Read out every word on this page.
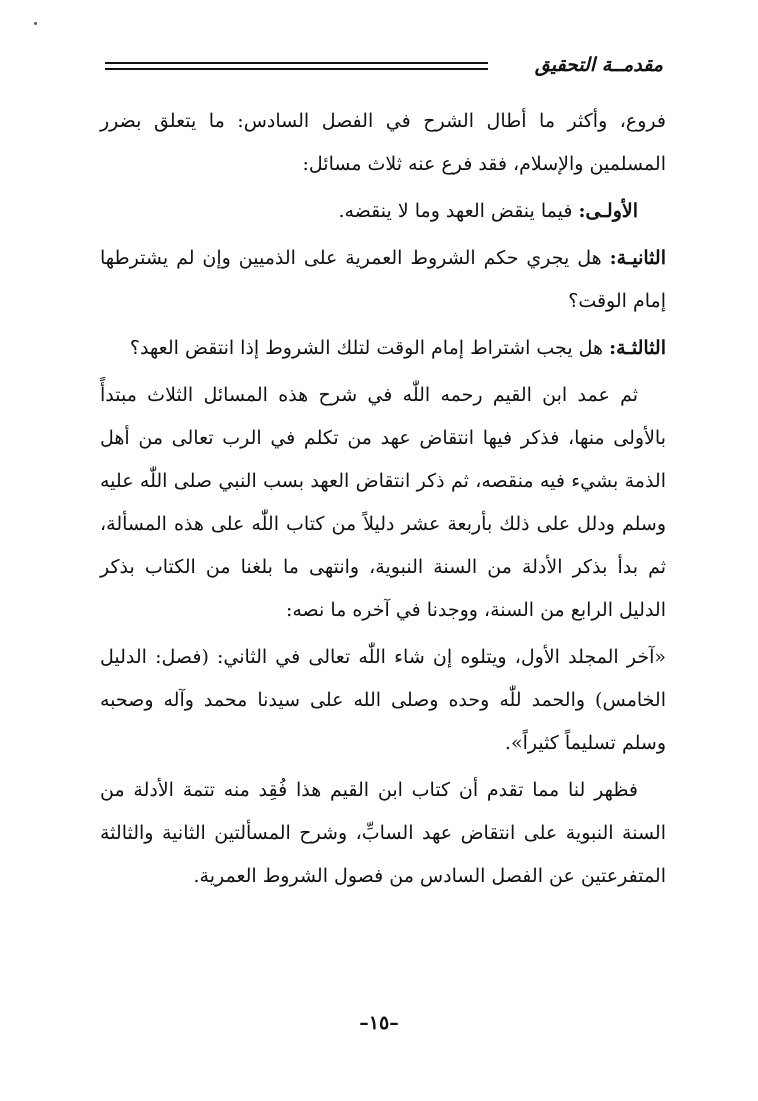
مقدمــة التحقيق

فروع، وأكثر ما أطال الشرح في الفصل السادس: ما يتعلق بضرر المسلمين والإسلام، فقد فرع عنه ثلاث مسائل:

الأولـى: فيما ينقض العهد وما لا ينقضه.

الثانيـة: هل يجري حكم الشروط العمرية على الذميين وإن لم يشترطها إمام الوقت؟

الثالثـة: هل يجب اشتراط إمام الوقت لتلك الشروط إذا انتقض العهد؟

ثم عمد ابن القيم رحمه اللّٰه في شرح هذه المسائل الثلاث مبتدأً بالأولى منها، فذكر فيها انتقاض عهد من تكلم في الرب تعالى من أهل الذمة بشيء فيه منقصه، ثم ذكر انتقاض العهد بسب النبي صلى اللّٰه عليه وسلم ودلل على ذلك بأربعة عشر دليلاً من كتاب اللّٰه على هذه المسألة، ثم بدأ بذكر الأدلة من السنة النبوية، وانتهى ما بلغنا من الكتاب بذكر الدليل الرابع من السنة، ووجدنا في آخره ما نصه:

«آخر المجلد الأول، ويتلوه إن شاء اللّٰه تعالى في الثاني: (فصل: الدليل الخامس) والحمد للّٰه وحده وصلى الله على سيدنا محمد وآله وصحبه وسلم تسليماً كثيراً».

فظهر لنا مما تقدم أن كتاب ابن القيم هذا فُقِد منه تتمة الأدلة من السنة النبوية على انتقاض عهد السابِّ، وشرح المسألتين الثانية والثالثة المتفرعتين عن الفصل السادس من فصول الشروط العمرية.

–١٥–
